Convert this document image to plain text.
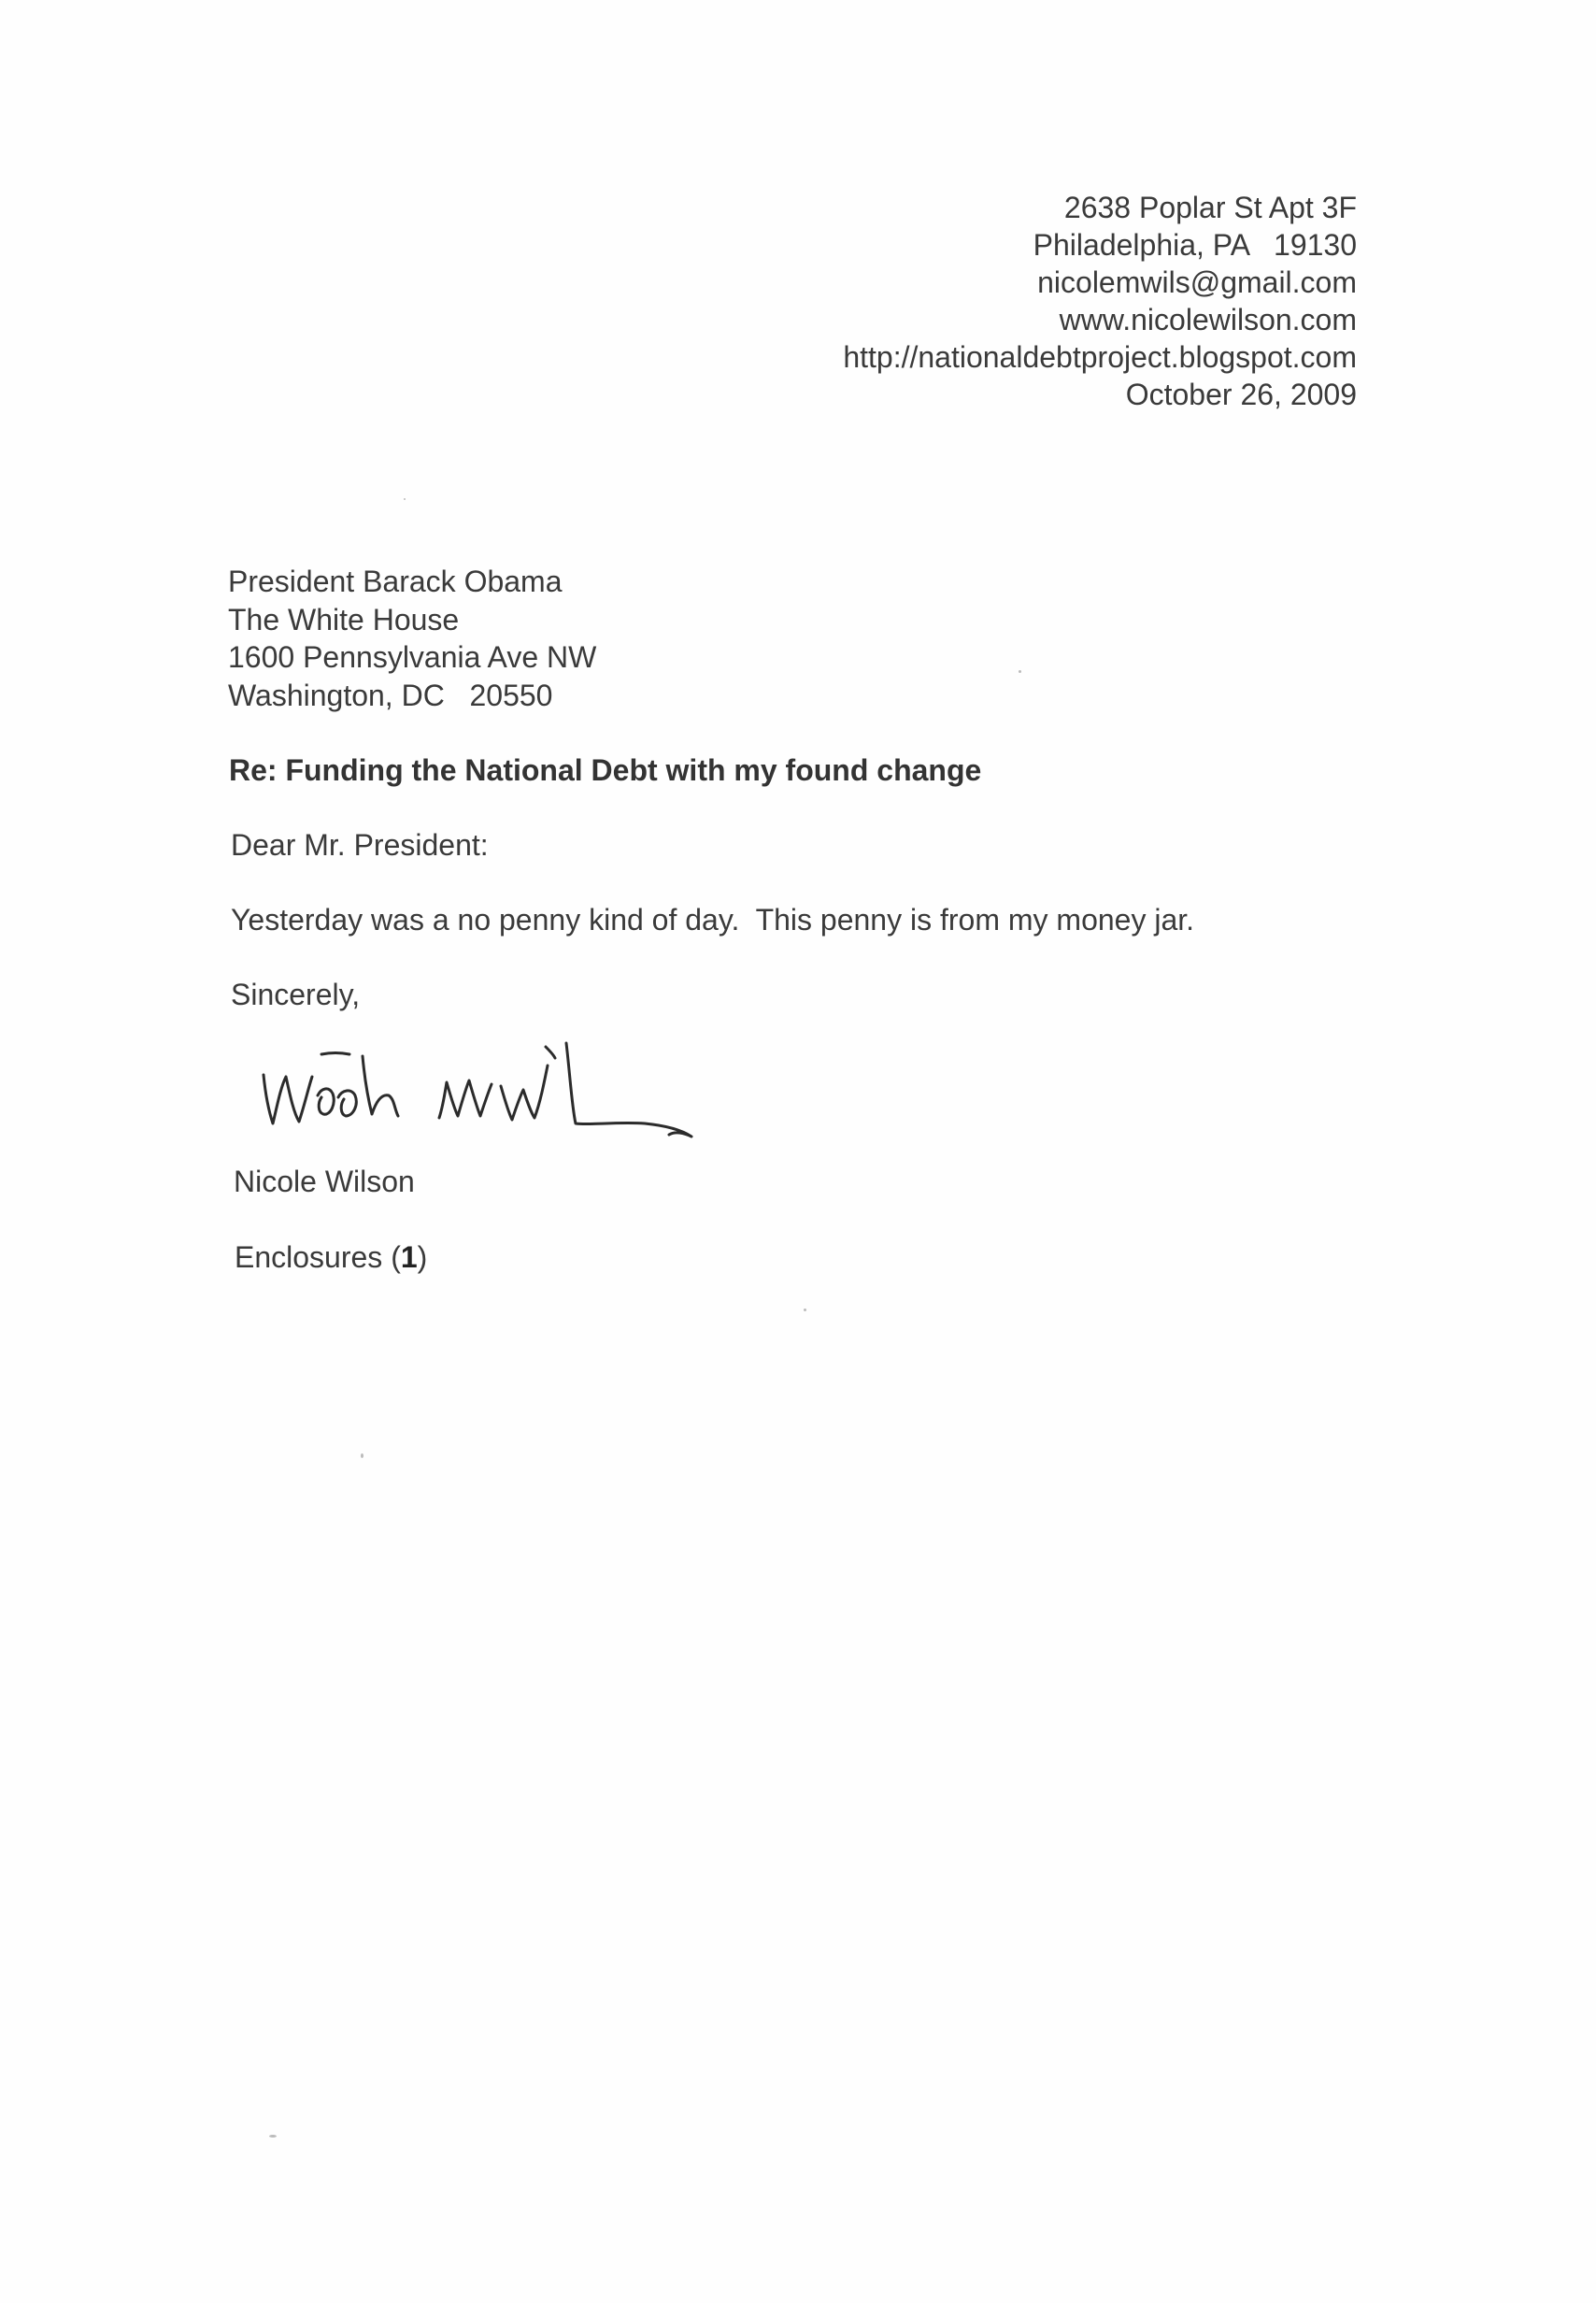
2638 Poplar St Apt 3F
Philadelphia, PA   19130
nicolemwils@gmail.com
www.nicolewilson.com
http://nationaldebtproject.blogspot.com
October 26, 2009
President Barack Obama
The White House
1600 Pennsylvania Ave NW
Washington, DC   20550
Re: Funding the National Debt with my found change
Dear Mr. President:
Yesterday was a no penny kind of day.  This penny is from my money jar.
Sincerely,
Nicole Wilson
Nicole Wilson
Enclosures (1)
